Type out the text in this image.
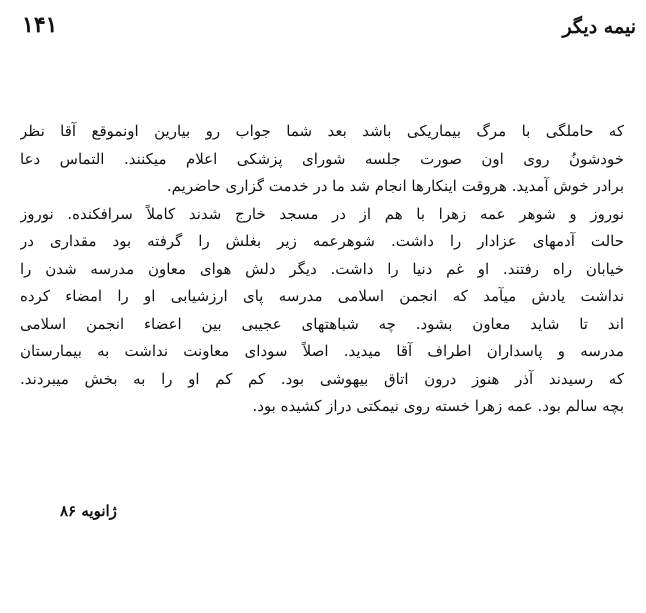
نیمه دیگر
۱۴۱
که حاملگی با مرگ بیماریکی باشد بعد شما جواب رو بیارین اونموقع آقا نظر
خودشونُ روی اون صورت جلسه شورای پزشکی اعلام میکنند. التماس دعا
برادر خوش آمدید. هروقت اینکارها انجام شد ما در خدمت گزاری حاضریم.
نوروز و شوهر عمه زهرا با هم از در مسجد خارج شدند کاملاً سرافکنده. نوروز
حالت آدمهای عزادار را داشت. شوهرعمه زیر بغلش را گرفته بود مقداری در
خیابان راه رفتند. او غم دنیا را داشت. دیگر دلش هوای معاون مدرسه شدن را
نداشت یادش میآمد که انجمن اسلامی مدرسه پای ارزشیابی او را امضاء کرده
اند تا شاید معاون بشود. چه شباهتهای عجیبی بین اعضاء انجمن اسلامی
مدرسه و پاسداران اطراف آقا میدید. اصلاً سودای معاونت نداشت به بیمارستان
که رسیدند آذر هنوز درون اتاق بیهوشی بود. کم کم او را به بخش میبردند.
بچه سالم بود. عمه زهرا خسته روی نیمکتی دراز کشیده بود.
ژانویه ۸۶
